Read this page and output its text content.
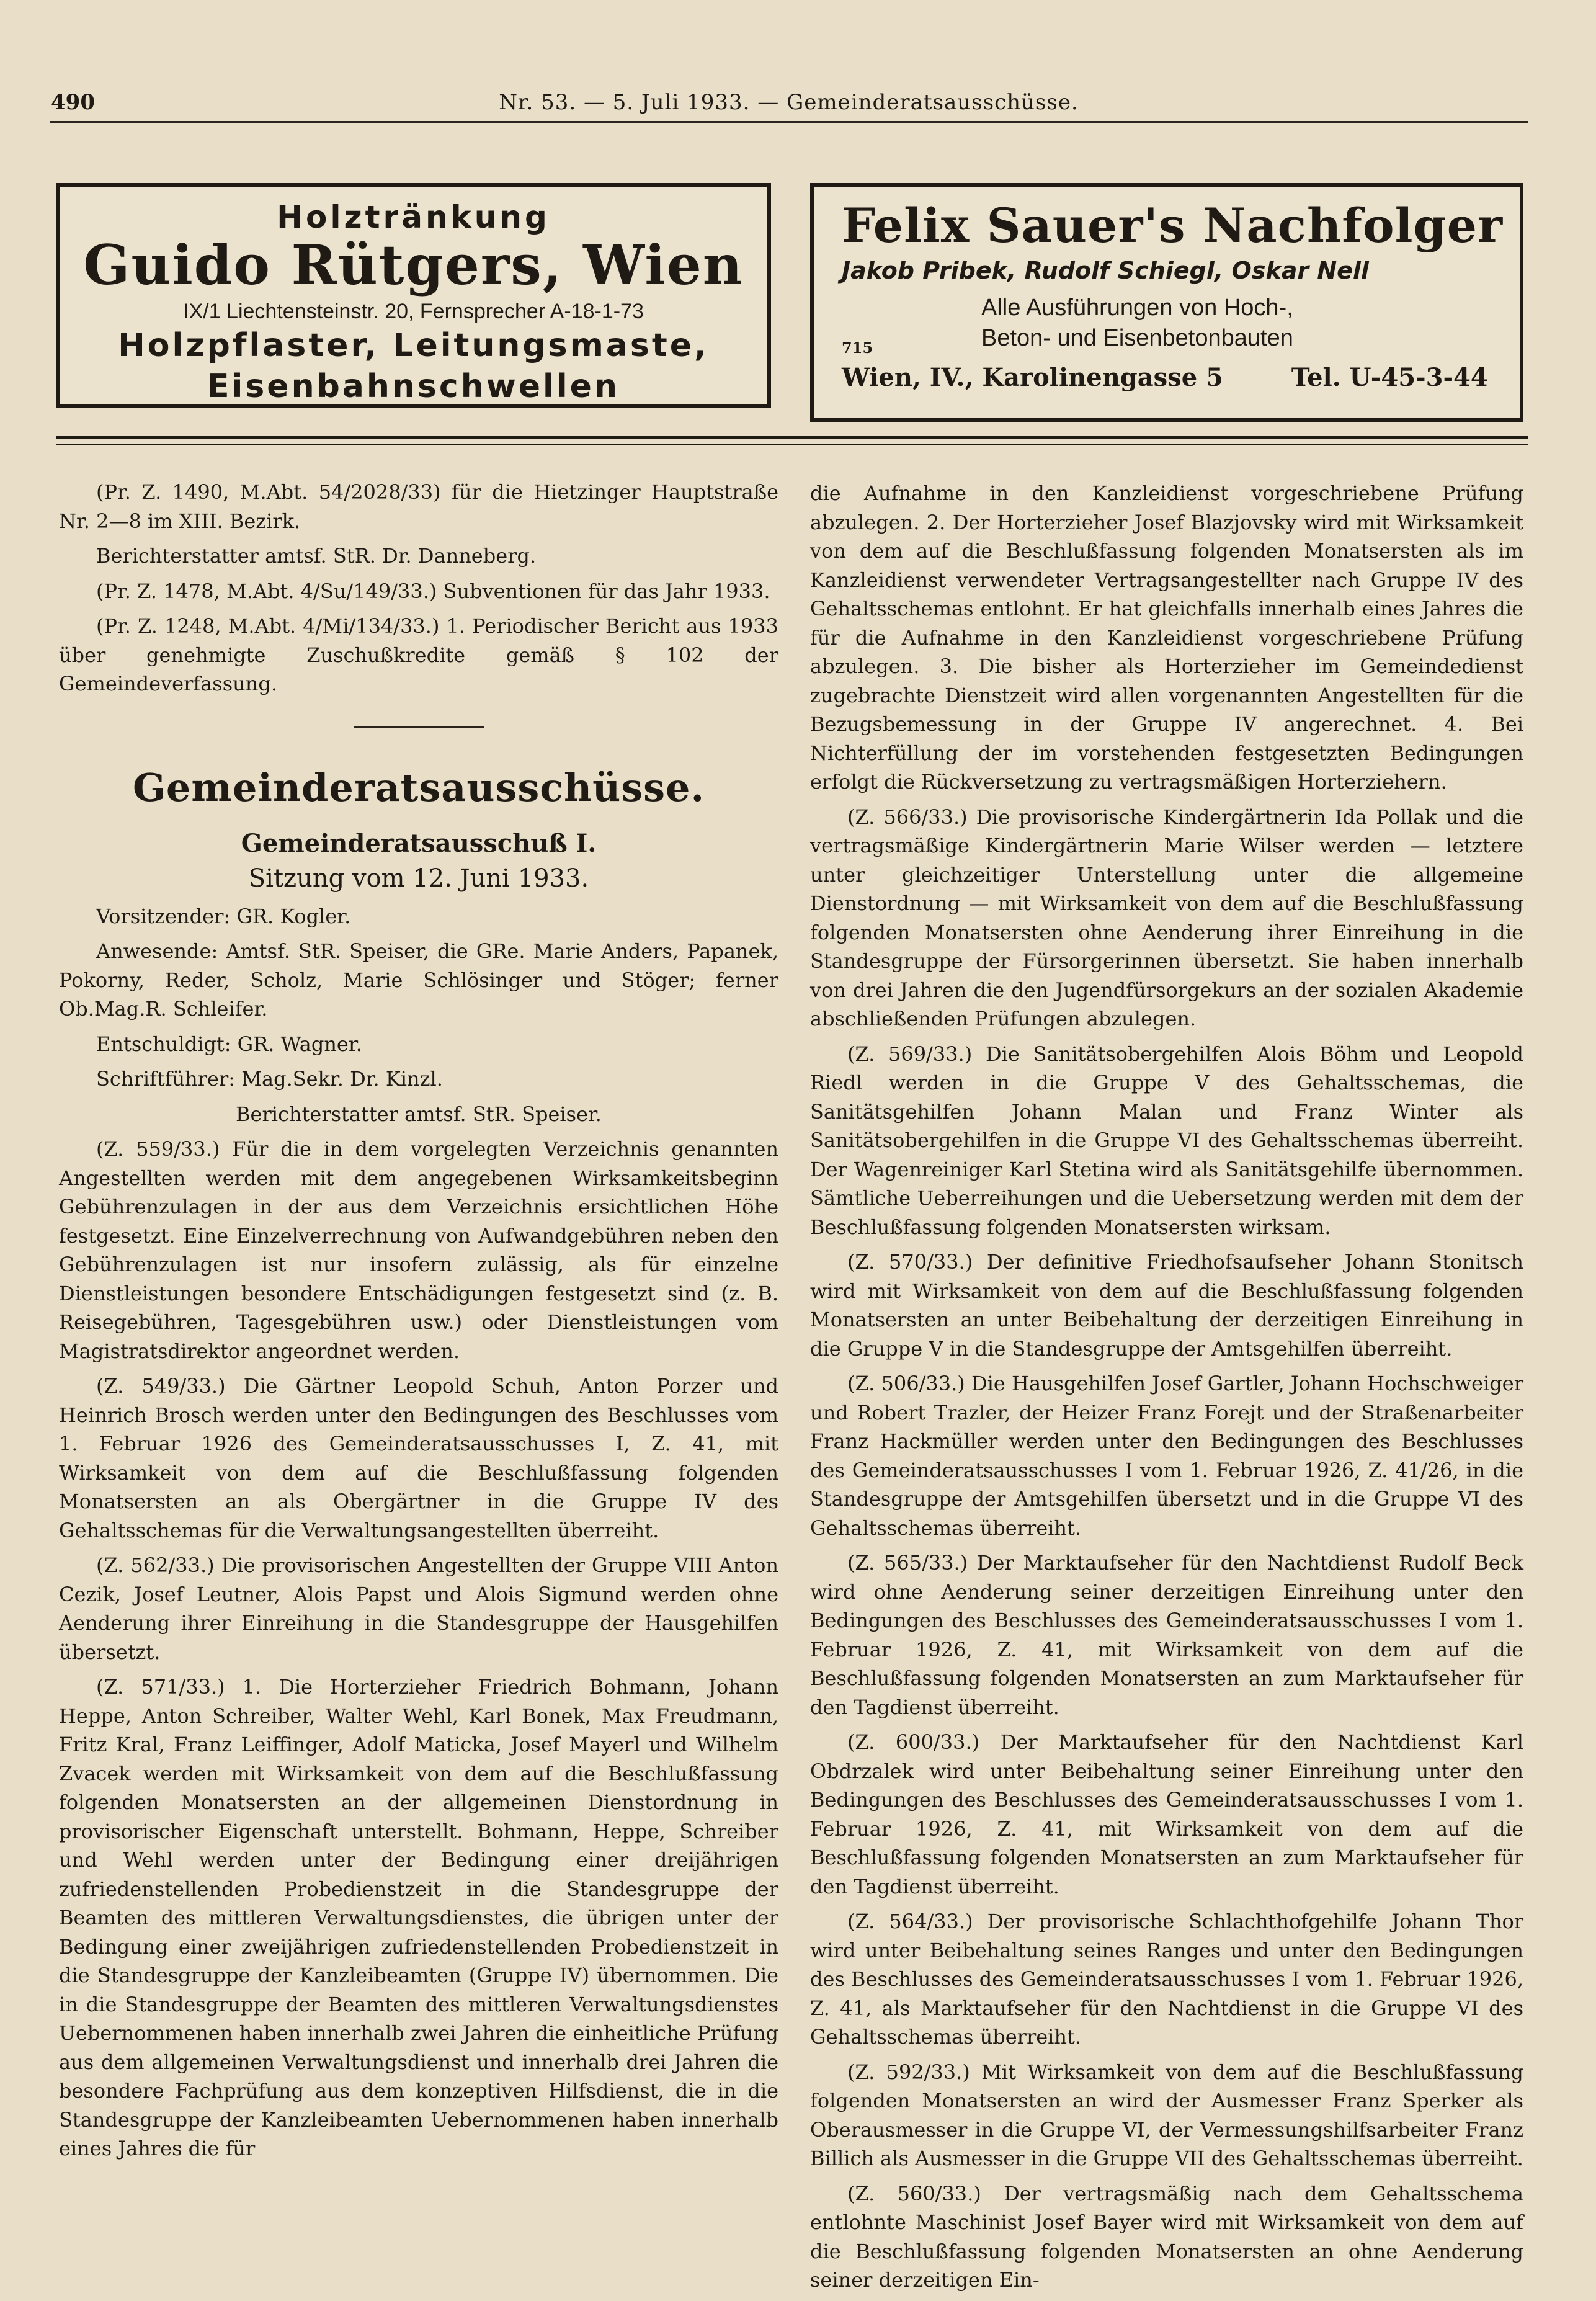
490	Nr. 53. — 5. Juli 1933. — Gemeinderatsausschüsse.
Holztränkung
Guido Rütgers, Wien
IX/1 Liechtensteinstr. 20, Fernsprecher A-18-1-73
Holzpflaster, Leitungsmaste,
Eisenbahnschwellen
Felix Sauer's Nachfolger
Jakob Pribek, Rudolf Schiegl, Oskar Nell
Alle Ausführungen von Hoch-,
Beton- und Eisenbetonbauten
715
Wien, IV., Karolinengasse 5	Tel. U-45-3-44

(Pr. Z. 1490, M.Abt. 54/2028/33) für die Hietzinger Hauptstraße Nr. 2—8 im XIII. Bezirk.

Berichterstatter amtsf. StR. Dr. Danneberg.

(Pr. Z. 1478, M.Abt. 4/Su/149/33.) Subventionen für das Jahr 1933.

(Pr. Z. 1248, M.Abt. 4/Mi/134/33.) 1. Periodischer Bericht aus 1933 über genehmigte Zuschußkredite gemäß § 102 der Gemeindeverfassung.

Gemeinderatsausschüsse.
Gemeinderatsausschuß I.
Sitzung vom 12. Juni 1933.

Vorsitzender: GR. Kogler.

Anwesende: Amtsf. StR. Speiser, die GRe. Marie Anders, Papanek, Pokorny, Reder, Scholz, Marie Schlösinger und Stöger; ferner Ob.Mag.R. Schleifer.

Entschuldigt: GR. Wagner.

Schriftführer: Mag.Sekr. Dr. Kinzl.

Berichterstatter amtsf. StR. Speiser.

(Z. 559/33.) Für die in dem vorgelegten Verzeichnis genannten Angestellten werden mit dem angegebenen Wirksamkeitsbeginn Gebührenzulagen in der aus dem Verzeichnis ersichtlichen Höhe festgesetzt. Eine Einzelverrechnung von Aufwandgebühren neben den Gebührenzulagen ist nur insofern zulässig, als für einzelne Dienstleistungen besondere Entschädigungen festgesetzt sind (z. B. Reisegebühren, Tagesgebühren usw.) oder Dienstleistungen vom Magistratsdirektor angeordnet werden.

(Z. 549/33.) Die Gärtner Leopold Schuh, Anton Porzer und Heinrich Brosch werden unter den Bedingungen des Beschlusses vom 1. Februar 1926 des Gemeinderatsausschusses I, Z. 41, mit Wirksamkeit von dem auf die Beschlußfassung folgenden Monatsersten an als Obergärtner in die Gruppe IV des Gehaltsschemas für die Verwaltungsangestellten überreiht.

(Z. 562/33.) Die provisorischen Angestellten der Gruppe VIII Anton Cezik, Josef Leutner, Alois Papst und Alois Sigmund werden ohne Aenderung ihrer Einreihung in die Standesgruppe der Hausgehilfen übersetzt.

(Z. 571/33.) 1. Die Horterzieher Friedrich Bohmann, Johann Heppe, Anton Schreiber, Walter Wehl, Karl Bonek, Max Freudmann, Fritz Kral, Franz Leiffinger, Adolf Maticka, Josef Mayerl und Wilhelm Zvacek werden mit Wirksamkeit von dem auf die Beschlußfassung folgenden Monatsersten an der allgemeinen Dienstordnung in provisorischer Eigenschaft unterstellt. Bohmann, Heppe, Schreiber und Wehl werden unter der Bedingung einer dreijährigen zufriedenstellenden Probedienstzeit in die Standesgruppe der Beamten des mittleren Verwaltungsdienstes, die übrigen unter der Bedingung einer zweijährigen zufriedenstellenden Probedienstzeit in die Standesgruppe der Kanzleibeamten (Gruppe IV) übernommen. Die in die Standesgruppe der Beamten des mittleren Verwaltungsdienstes Uebernommenen haben innerhalb zwei Jahren die einheitliche Prüfung aus dem allgemeinen Verwaltungsdienst und innerhalb drei Jahren die besondere Fachprüfung aus dem konzeptiven Hilfsdienst, die in die Standesgruppe der Kanzleibeamten Uebernommenen haben innerhalb eines Jahres die für

die Aufnahme in den Kanzleidienst vorgeschriebene Prüfung abzulegen. 2. Der Horterzieher Josef Blazjovsky wird mit Wirksamkeit von dem auf die Beschlußfassung folgenden Monatsersten als im Kanzleidienst verwendeter Vertragsangestellter nach Gruppe IV des Gehaltsschemas entlohnt. Er hat gleichfalls innerhalb eines Jahres die für die Aufnahme in den Kanzleidienst vorgeschriebene Prüfung abzulegen. 3. Die bisher als Horterzieher im Gemeindedienst zugebrachte Dienstzeit wird allen vorgenannten Angestellten für die Bezugsbemessung in der Gruppe IV angerechnet. 4. Bei Nichterfüllung der im vorstehenden festgesetzten Bedingungen erfolgt die Rückversetzung zu vertragsmäßigen Horterziehern.

(Z. 566/33.) Die provisorische Kindergärtnerin Ida Pollak und die vertragsmäßige Kindergärtnerin Marie Wilser werden — letztere unter gleichzeitiger Unterstellung unter die allgemeine Dienstordnung — mit Wirksamkeit von dem auf die Beschlußfassung folgenden Monatsersten ohne Aenderung ihrer Einreihung in die Standesgruppe der Fürsorgerinnen übersetzt. Sie haben innerhalb von drei Jahren die den Jugendfürsorgekurs an der sozialen Akademie abschließenden Prüfungen abzulegen.

(Z. 569/33.) Die Sanitätsobergehilfen Alois Böhm und Leopold Riedl werden in die Gruppe V des Gehaltsschemas, die Sanitätsgehilfen Johann Malan und Franz Winter als Sanitätsobergehilfen in die Gruppe VI des Gehaltsschemas überreiht. Der Wagenreiniger Karl Stetina wird als Sanitätsgehilfe übernommen. Sämtliche Ueberreihungen und die Uebersetzung werden mit dem der Beschlußfassung folgenden Monatsersten wirksam.

(Z. 570/33.) Der definitive Friedhofsaufseher Johann Stonitsch wird mit Wirksamkeit von dem auf die Beschlußfassung folgenden Monatsersten an unter Beibehaltung der derzeitigen Einreihung in die Gruppe V in die Standesgruppe der Amtsgehilfen überreiht.

(Z. 506/33.) Die Hausgehilfen Josef Gartler, Johann Hochschweiger und Robert Trazler, der Heizer Franz Forejt und der Straßenarbeiter Franz Hackmüller werden unter den Bedingungen des Beschlusses des Gemeinderatsausschusses I vom 1. Februar 1926, Z. 41/26, in die Standesgruppe der Amtsgehilfen übersetzt und in die Gruppe VI des Gehaltsschemas überreiht.

(Z. 565/33.) Der Marktaufseher für den Nachtdienst Rudolf Beck wird ohne Aenderung seiner derzeitigen Einreihung unter den Bedingungen des Beschlusses des Gemeinderatsausschusses I vom 1. Februar 1926, Z. 41, mit Wirksamkeit von dem auf die Beschlußfassung folgenden Monatsersten an zum Marktaufseher für den Tagdienst überreiht.

(Z. 600/33.) Der Marktaufseher für den Nachtdienst Karl Obdrzalek wird unter Beibehaltung seiner Einreihung unter den Bedingungen des Beschlusses des Gemeinderatsausschusses I vom 1. Februar 1926, Z. 41, mit Wirksamkeit von dem auf die Beschlußfassung folgenden Monatsersten an zum Marktaufseher für den Tagdienst überreiht.

(Z. 564/33.) Der provisorische Schlachthofgehilfe Johann Thor wird unter Beibehaltung seines Ranges und unter den Bedingungen des Beschlusses des Gemeinderatsausschusses I vom 1. Februar 1926, Z. 41, als Marktaufseher für den Nachtdienst in die Gruppe VI des Gehaltsschemas überreiht.

(Z. 592/33.) Mit Wirksamkeit von dem auf die Beschlußfassung folgenden Monatsersten an wird der Ausmesser Franz Sperker als Oberausmesser in die Gruppe VI, der Vermessungshilfsarbeiter Franz Billich als Ausmesser in die Gruppe VII des Gehaltsschemas überreiht.

(Z. 560/33.) Der vertragsmäßig nach dem Gehaltsschema entlohnte Maschinist Josef Bayer wird mit Wirksamkeit von dem auf die Beschlußfassung folgenden Monatsersten an ohne Aenderung seiner derzeitigen Ein-
